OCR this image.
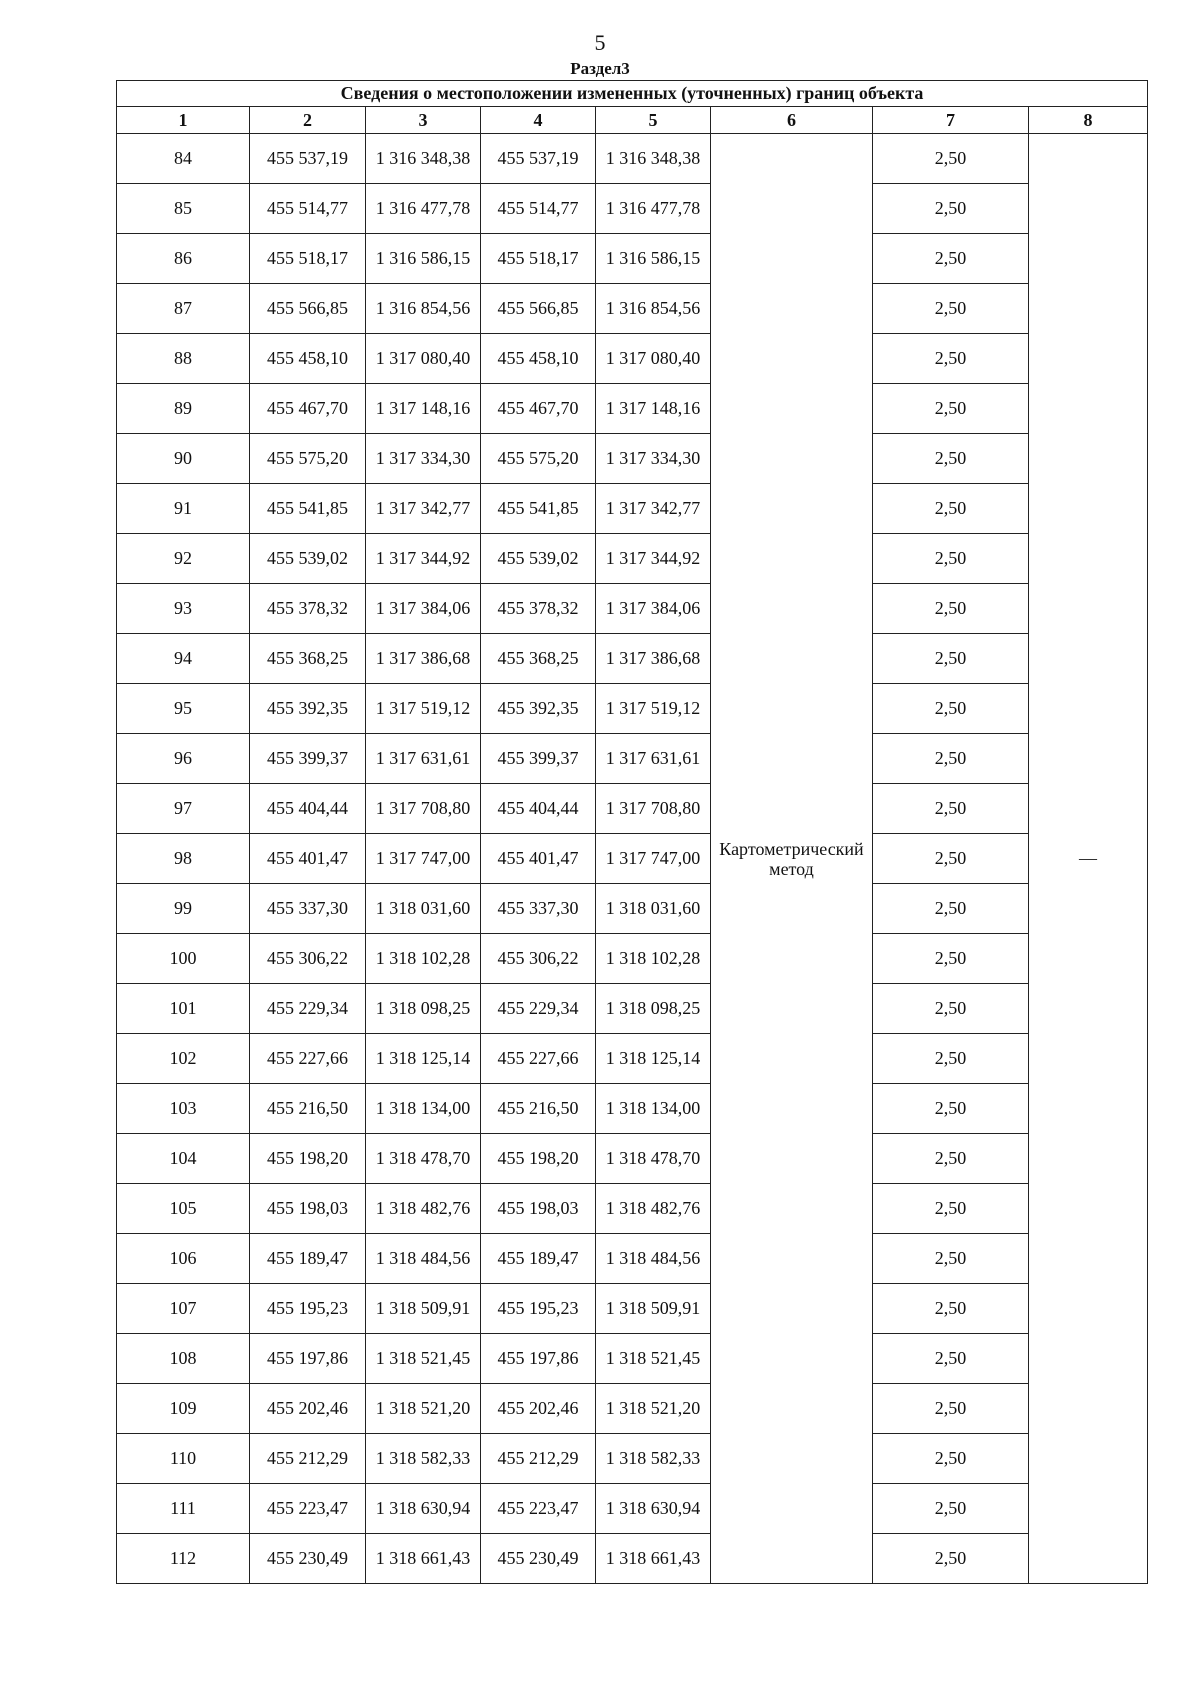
5
Раздел3
Сведения о местоположении измененных (уточненных) границ объекта							
1	2	3	4	5	6	7	8
84	455 537,19	1 316 348,38	455 537,19	1 316 348,38	Картометрический метод	2,50	—
85	455 514,77	1 316 477,78	455 514,77	1 316 477,78		2,50	
86	455 518,17	1 316 586,15	455 518,17	1 316 586,15		2,50	
87	455 566,85	1 316 854,56	455 566,85	1 316 854,56		2,50	
88	455 458,10	1 317 080,40	455 458,10	1 317 080,40		2,50	
89	455 467,70	1 317 148,16	455 467,70	1 317 148,16		2,50	
90	455 575,20	1 317 334,30	455 575,20	1 317 334,30		2,50	
91	455 541,85	1 317 342,77	455 541,85	1 317 342,77		2,50	
92	455 539,02	1 317 344,92	455 539,02	1 317 344,92		2,50	
93	455 378,32	1 317 384,06	455 378,32	1 317 384,06		2,50	
94	455 368,25	1 317 386,68	455 368,25	1 317 386,68		2,50	
95	455 392,35	1 317 519,12	455 392,35	1 317 519,12		2,50	
96	455 399,37	1 317 631,61	455 399,37	1 317 631,61		2,50	
97	455 404,44	1 317 708,80	455 404,44	1 317 708,80		2,50	
98	455 401,47	1 317 747,00	455 401,47	1 317 747,00		2,50	
99	455 337,30	1 318 031,60	455 337,30	1 318 031,60		2,50	
100	455 306,22	1 318 102,28	455 306,22	1 318 102,28		2,50	
101	455 229,34	1 318 098,25	455 229,34	1 318 098,25		2,50	
102	455 227,66	1 318 125,14	455 227,66	1 318 125,14		2,50	
103	455 216,50	1 318 134,00	455 216,50	1 318 134,00		2,50	
104	455 198,20	1 318 478,70	455 198,20	1 318 478,70		2,50	
105	455 198,03	1 318 482,76	455 198,03	1 318 482,76		2,50	
106	455 189,47	1 318 484,56	455 189,47	1 318 484,56		2,50	
107	455 195,23	1 318 509,91	455 195,23	1 318 509,91		2,50	
108	455 197,86	1 318 521,45	455 197,86	1 318 521,45		2,50	
109	455 202,46	1 318 521,20	455 202,46	1 318 521,20		2,50	
110	455 212,29	1 318 582,33	455 212,29	1 318 582,33		2,50	
111	455 223,47	1 318 630,94	455 223,47	1 318 630,94		2,50	
112	455 230,49	1 318 661,43	455 230,49	1 318 661,43		2,50	
